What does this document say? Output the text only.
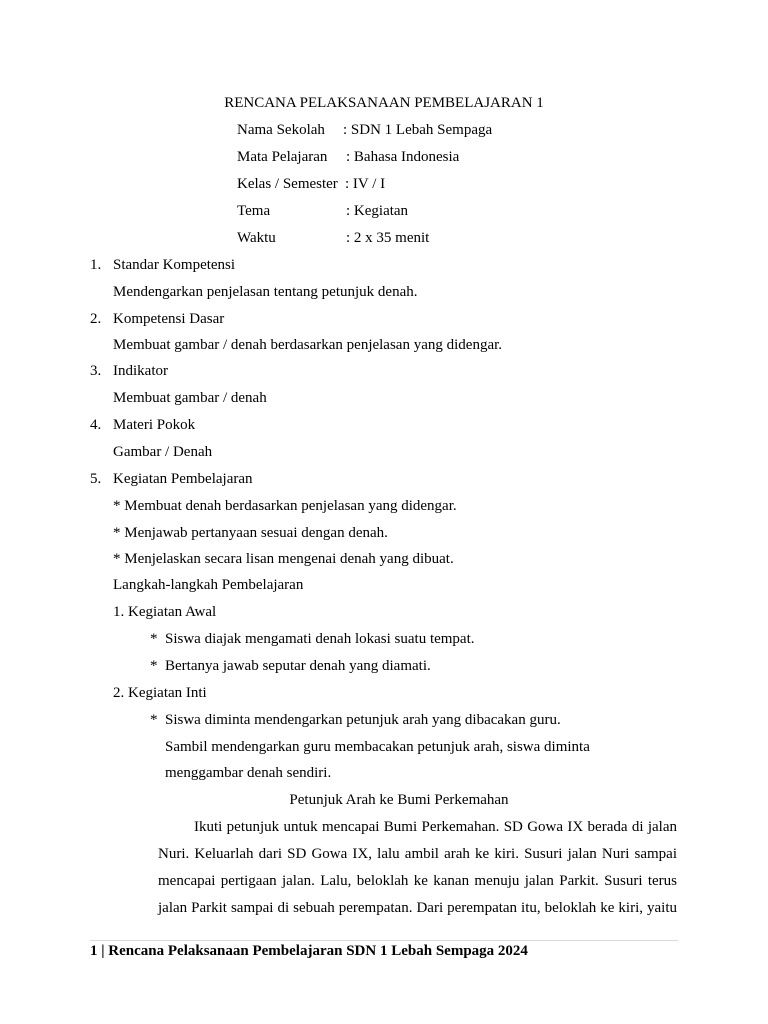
RENCANA PELAKSANAAN PEMBELAJARAN 1
Nama Sekolah : SDN 1 Lebah Sempaga
Mata Pelajaran : Bahasa Indonesia
Kelas / Semester : IV / I
Tema	: Kegiatan
Waktu	: 2 x 35 menit
1. Standar Kompetensi
Mendengarkan penjelasan tentang petunjuk denah.
2. Kompetensi Dasar
Membuat gambar / denah berdasarkan penjelasan yang didengar.
3. Indikator
Membuat gambar / denah
4. Materi Pokok
Gambar / Denah
5. Kegiatan Pembelajaran
* Membuat denah berdasarkan penjelasan yang didengar.
* Menjawab pertanyaan sesuai dengan denah.
* Menjelaskan secara lisan mengenai denah yang dibuat.
Langkah-langkah Pembelajaran
1. Kegiatan Awal
* Siswa diajak mengamati denah lokasi suatu tempat.
* Bertanya jawab seputar denah yang diamati.
2. Kegiatan Inti
* Siswa diminta mendengarkan petunjuk arah yang dibacakan guru.
Sambil mendengarkan guru membacakan petunjuk arah, siswa diminta
menggambar denah sendiri.
Petunjuk Arah ke Bumi Perkemahan
Ikuti petunjuk untuk mencapai Bumi Perkemahan. SD Gowa IX berada di jalan
Nuri. Keluarlah dari SD Gowa IX, lalu ambil arah ke kiri. Susuri jalan Nuri sampai
mencapai pertigaan jalan. Lalu, beloklah ke kanan menuju jalan Parkit. Susuri terus
jalan Parkit sampai di sebuah perempatan. Dari perempatan itu, beloklah ke kiri, yaitu
1 | Rencana Pelaksanaan Pembelajaran SDN 1 Lebah Sempaga 2024
